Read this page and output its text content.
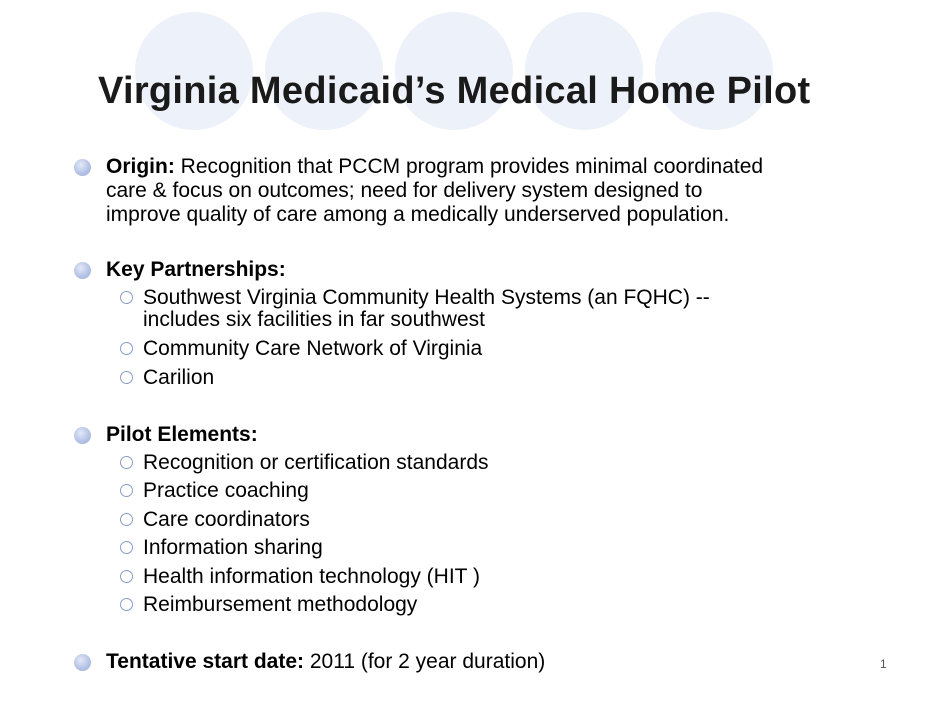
Virginia Medicaid’s Medical Home Pilot
Origin: Recognition that PCCM program provides minimal coordinated
care & focus on outcomes; need for delivery system designed to
improve quality of care among a medically underserved population.
Key Partnerships:
Southwest Virginia Community Health Systems (an FQHC) --
includes six facilities in far southwest
Community Care Network of Virginia
Carilion
Pilot Elements:
Recognition or certification standards
Practice coaching
Care coordinators
Information sharing
Health information technology (HIT )
Reimbursement methodology
Tentative start date: 2011 (for 2 year duration)	1
